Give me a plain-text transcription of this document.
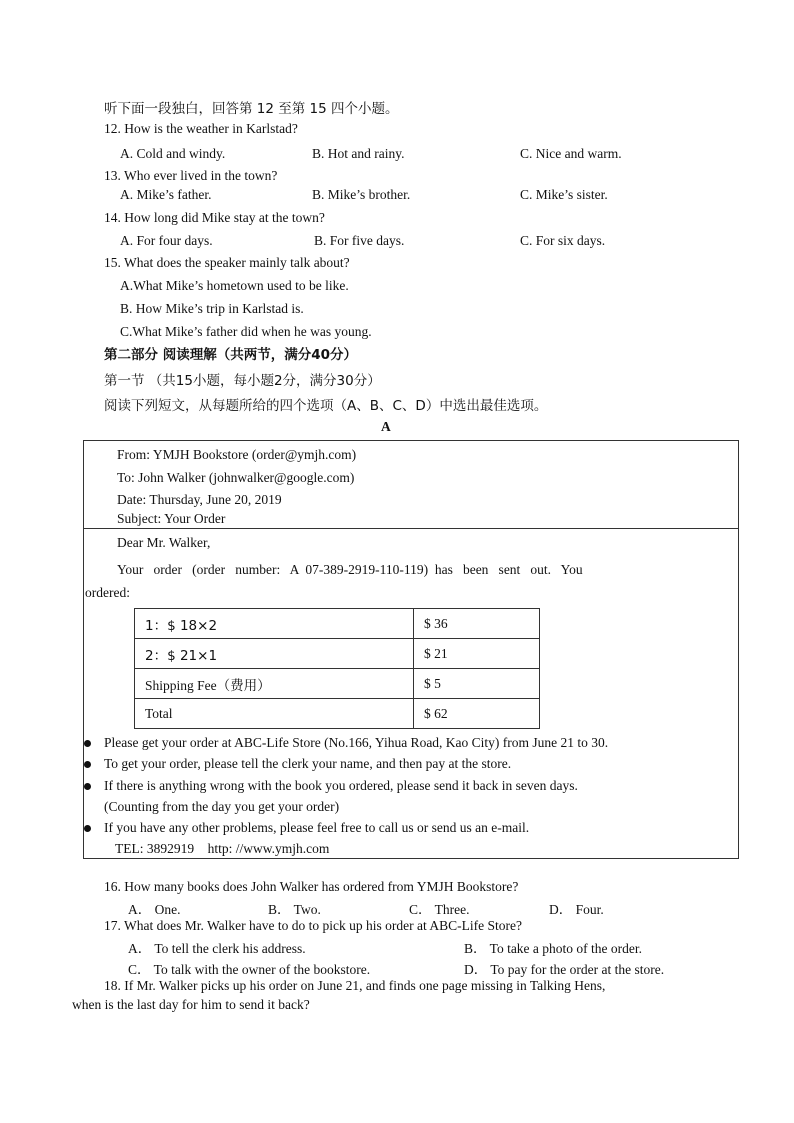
听下面一段独白，回答第 12 至第 15 四个小题。
12. How is the weather in Karlstad?
A. Cold and windy.	B. Hot and rainy.	C. Nice and warm.
13. Who ever lived in the town?
A. Mike’s father.	B. Mike’s brother.	C. Mike’s sister.
14. How long did Mike stay at the town?
A. For four days.	B. For five days.	C. For six days.
15. What does the speaker mainly talk about?
A.What Mike’s hometown used to be like.
B. How Mike’s trip in Karlstad is.
C.What Mike’s father did when he was young.
第二部分 阅读理解（共两节，满分40分）
第一节 （共15小题，每小题2分，满分30分）
阅读下列短文，从每题所给的四个选项（A、B、C、D）中选出最佳选项。
A
From: YMJH Bookstore (order@ymjh.com)
To: John Walker (johnwalker@google.com)
Date: Thursday, June 20, 2019
Subject: Your Order
Dear Mr. Walker,
Your   order   (order   number:   A  07-389-2919-110-119)  has   been   sent   out.   You
ordered:
1：$ 18×2	$ 36
2：$ 21×1	$ 21
Shipping Fee（费用）	$ 5
Total	$ 62
Please get your order at ABC-Life Store (No.166, Yihua Road, Kao City) from June 21 to 30.
To get your order, please tell the clerk your name, and then pay at the store.
If there is anything wrong with the book you ordered, please send it back in seven days.
(Counting from the day you get your order)
If you have any other problems, please feel free to call us or send us an e-mail.
TEL: 3892919    http: //www.ymjh.com
16. How many books does John Walker has ordered from YMJH Bookstore?
A． One.	B． Two.	C． Three.	D． Four.
17. What does Mr. Walker have to do to pick up his order at ABC-Life Store?
A． To tell the clerk his address.	B． To take a photo of the order.
C． To talk with the owner of the bookstore.	D． To pay for the order at the store.
18. If Mr. Walker picks up his order on June 21, and finds one page missing in Talking Hens,
when is the last day for him to send it back?
